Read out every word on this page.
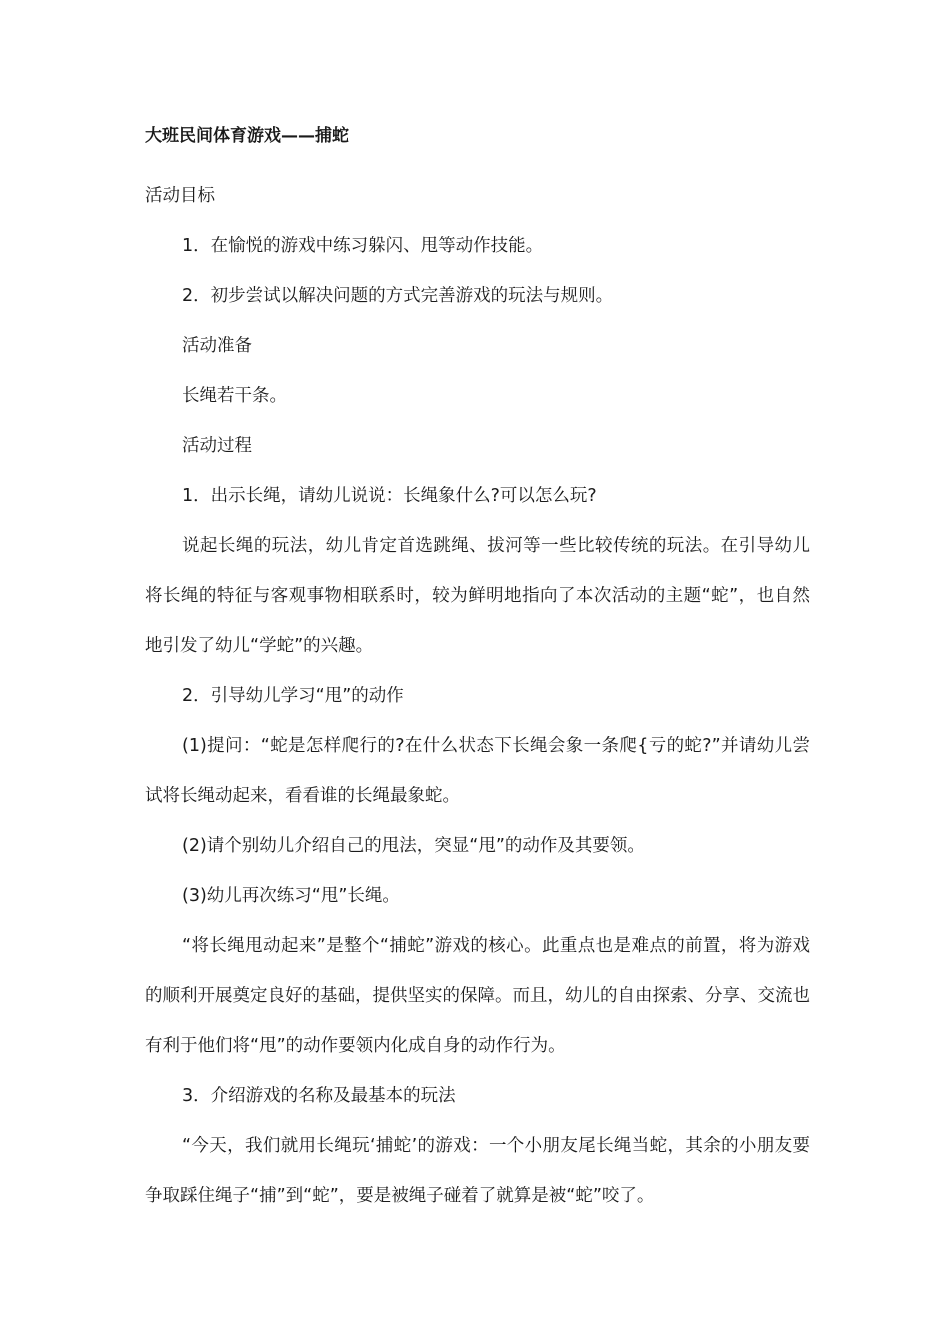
大班民间体育游戏——捕蛇
活动目标
1．在愉悦的游戏中练习躲闪、甩等动作技能。
2．初步尝试以解决问题的方式完善游戏的玩法与规则。
活动准备
长绳若干条。
活动过程
1．出示长绳，请幼儿说说：长绳象什么?可以怎么玩?
说起长绳的玩法，幼儿肯定首选跳绳、拔河等一些比较传统的玩法。在引导幼儿将长绳的特征与客观事物相联系时，较为鲜明地指向了本次活动的主题“蛇”，也自然地引发了幼儿“学蛇”的兴趣。
2．引导幼儿学习“甩”的动作
(1)提问：“蛇是怎样爬行的?在什么状态下长绳会象一条爬{亏的蛇?”并请幼儿尝试将长绳动起来，看看谁的长绳最象蛇。
(2)请个别幼儿介绍自己的甩法，突显“甩”的动作及其要领。
(3)幼儿再次练习“甩”长绳。
“将长绳甩动起来”是整个“捕蛇”游戏的核心。此重点也是难点的前置，将为游戏的顺利开展奠定良好的基础，提供坚实的保障。而且，幼儿的自由探索、分享、交流也有利于他们将“甩”的动作要领内化成自身的动作行为。
3．介绍游戏的名称及最基本的玩法
“今天，我们就用长绳玩‘捕蛇’的游戏：一个小朋友尾长绳当蛇，其余的小朋友要争取踩住绳子“捕”到“蛇”，要是被绳子碰着了就算是被“蛇”咬了。
